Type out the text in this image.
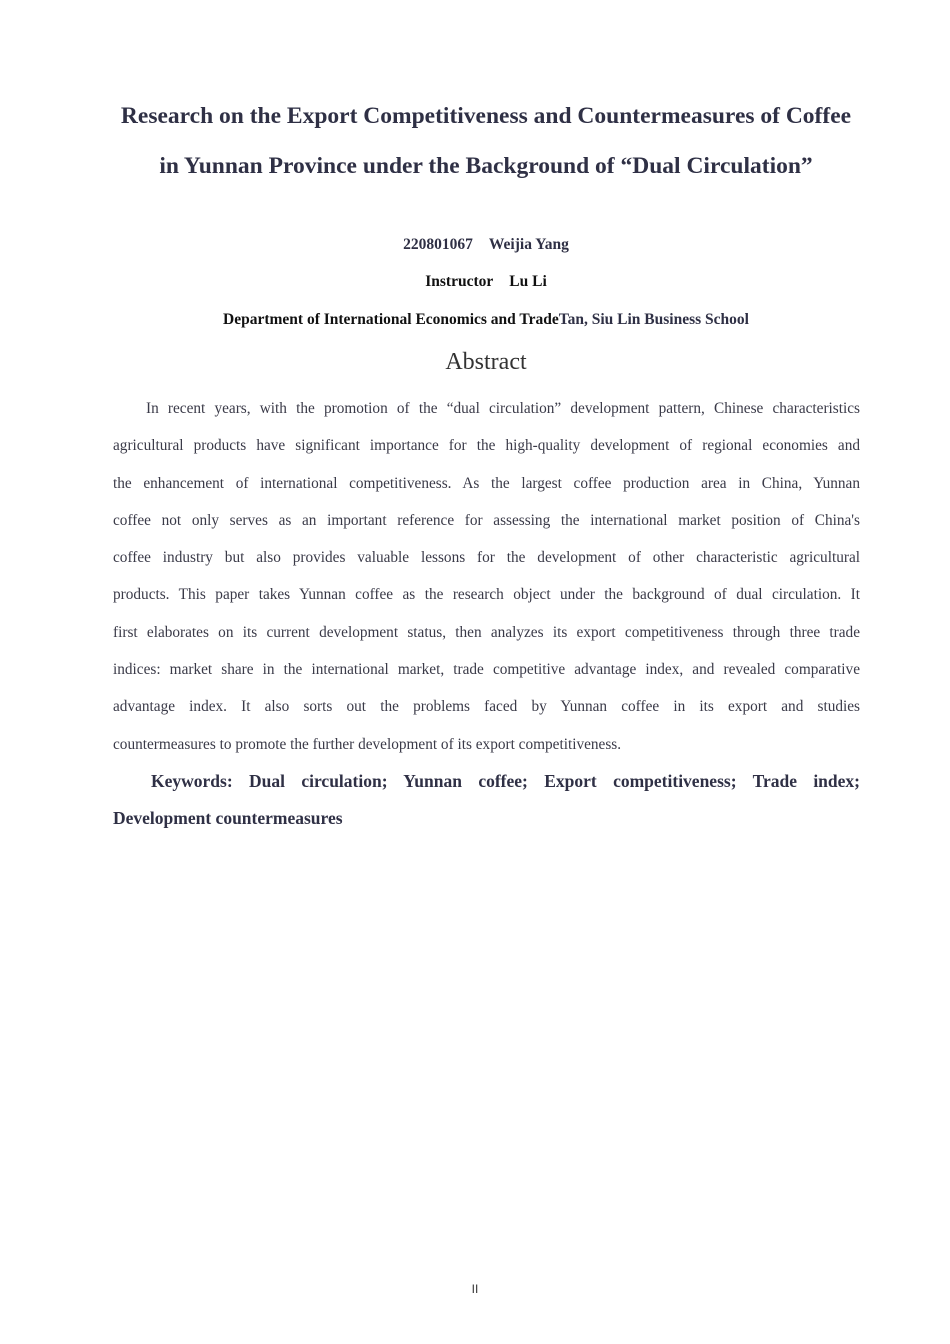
Research on the Export Competitiveness and Countermeasures of Coffee
in Yunnan Province under the Background of “Dual Circulation”
220801067 Weijia Yang
Instructor Lu Li
Department of International Economics and TradeTan, Siu Lin Business School
Abstract
In recent years, with the promotion of the “dual circulation” development pattern, Chinese characteristics
agricultural products have significant importance for the high-quality development of regional economies and
the enhancement of international competitiveness. As the largest coffee production area in China, Yunnan
coffee not only serves as an important reference for assessing the international market position of China's
coffee industry but also provides valuable lessons for the development of other characteristic agricultural
products. This paper takes Yunnan coffee as the research object under the background of dual circulation. It
first elaborates on its current development status, then analyzes its export competitiveness through three trade
indices: market share in the international market, trade competitive advantage index, and revealed comparative
advantage index. It also sorts out the problems faced by Yunnan coffee in its export and studies
countermeasures to promote the further development of its export competitiveness.
Keywords: Dual circulation; Yunnan coffee; Export competitiveness; Trade index;
Development countermeasures
II
